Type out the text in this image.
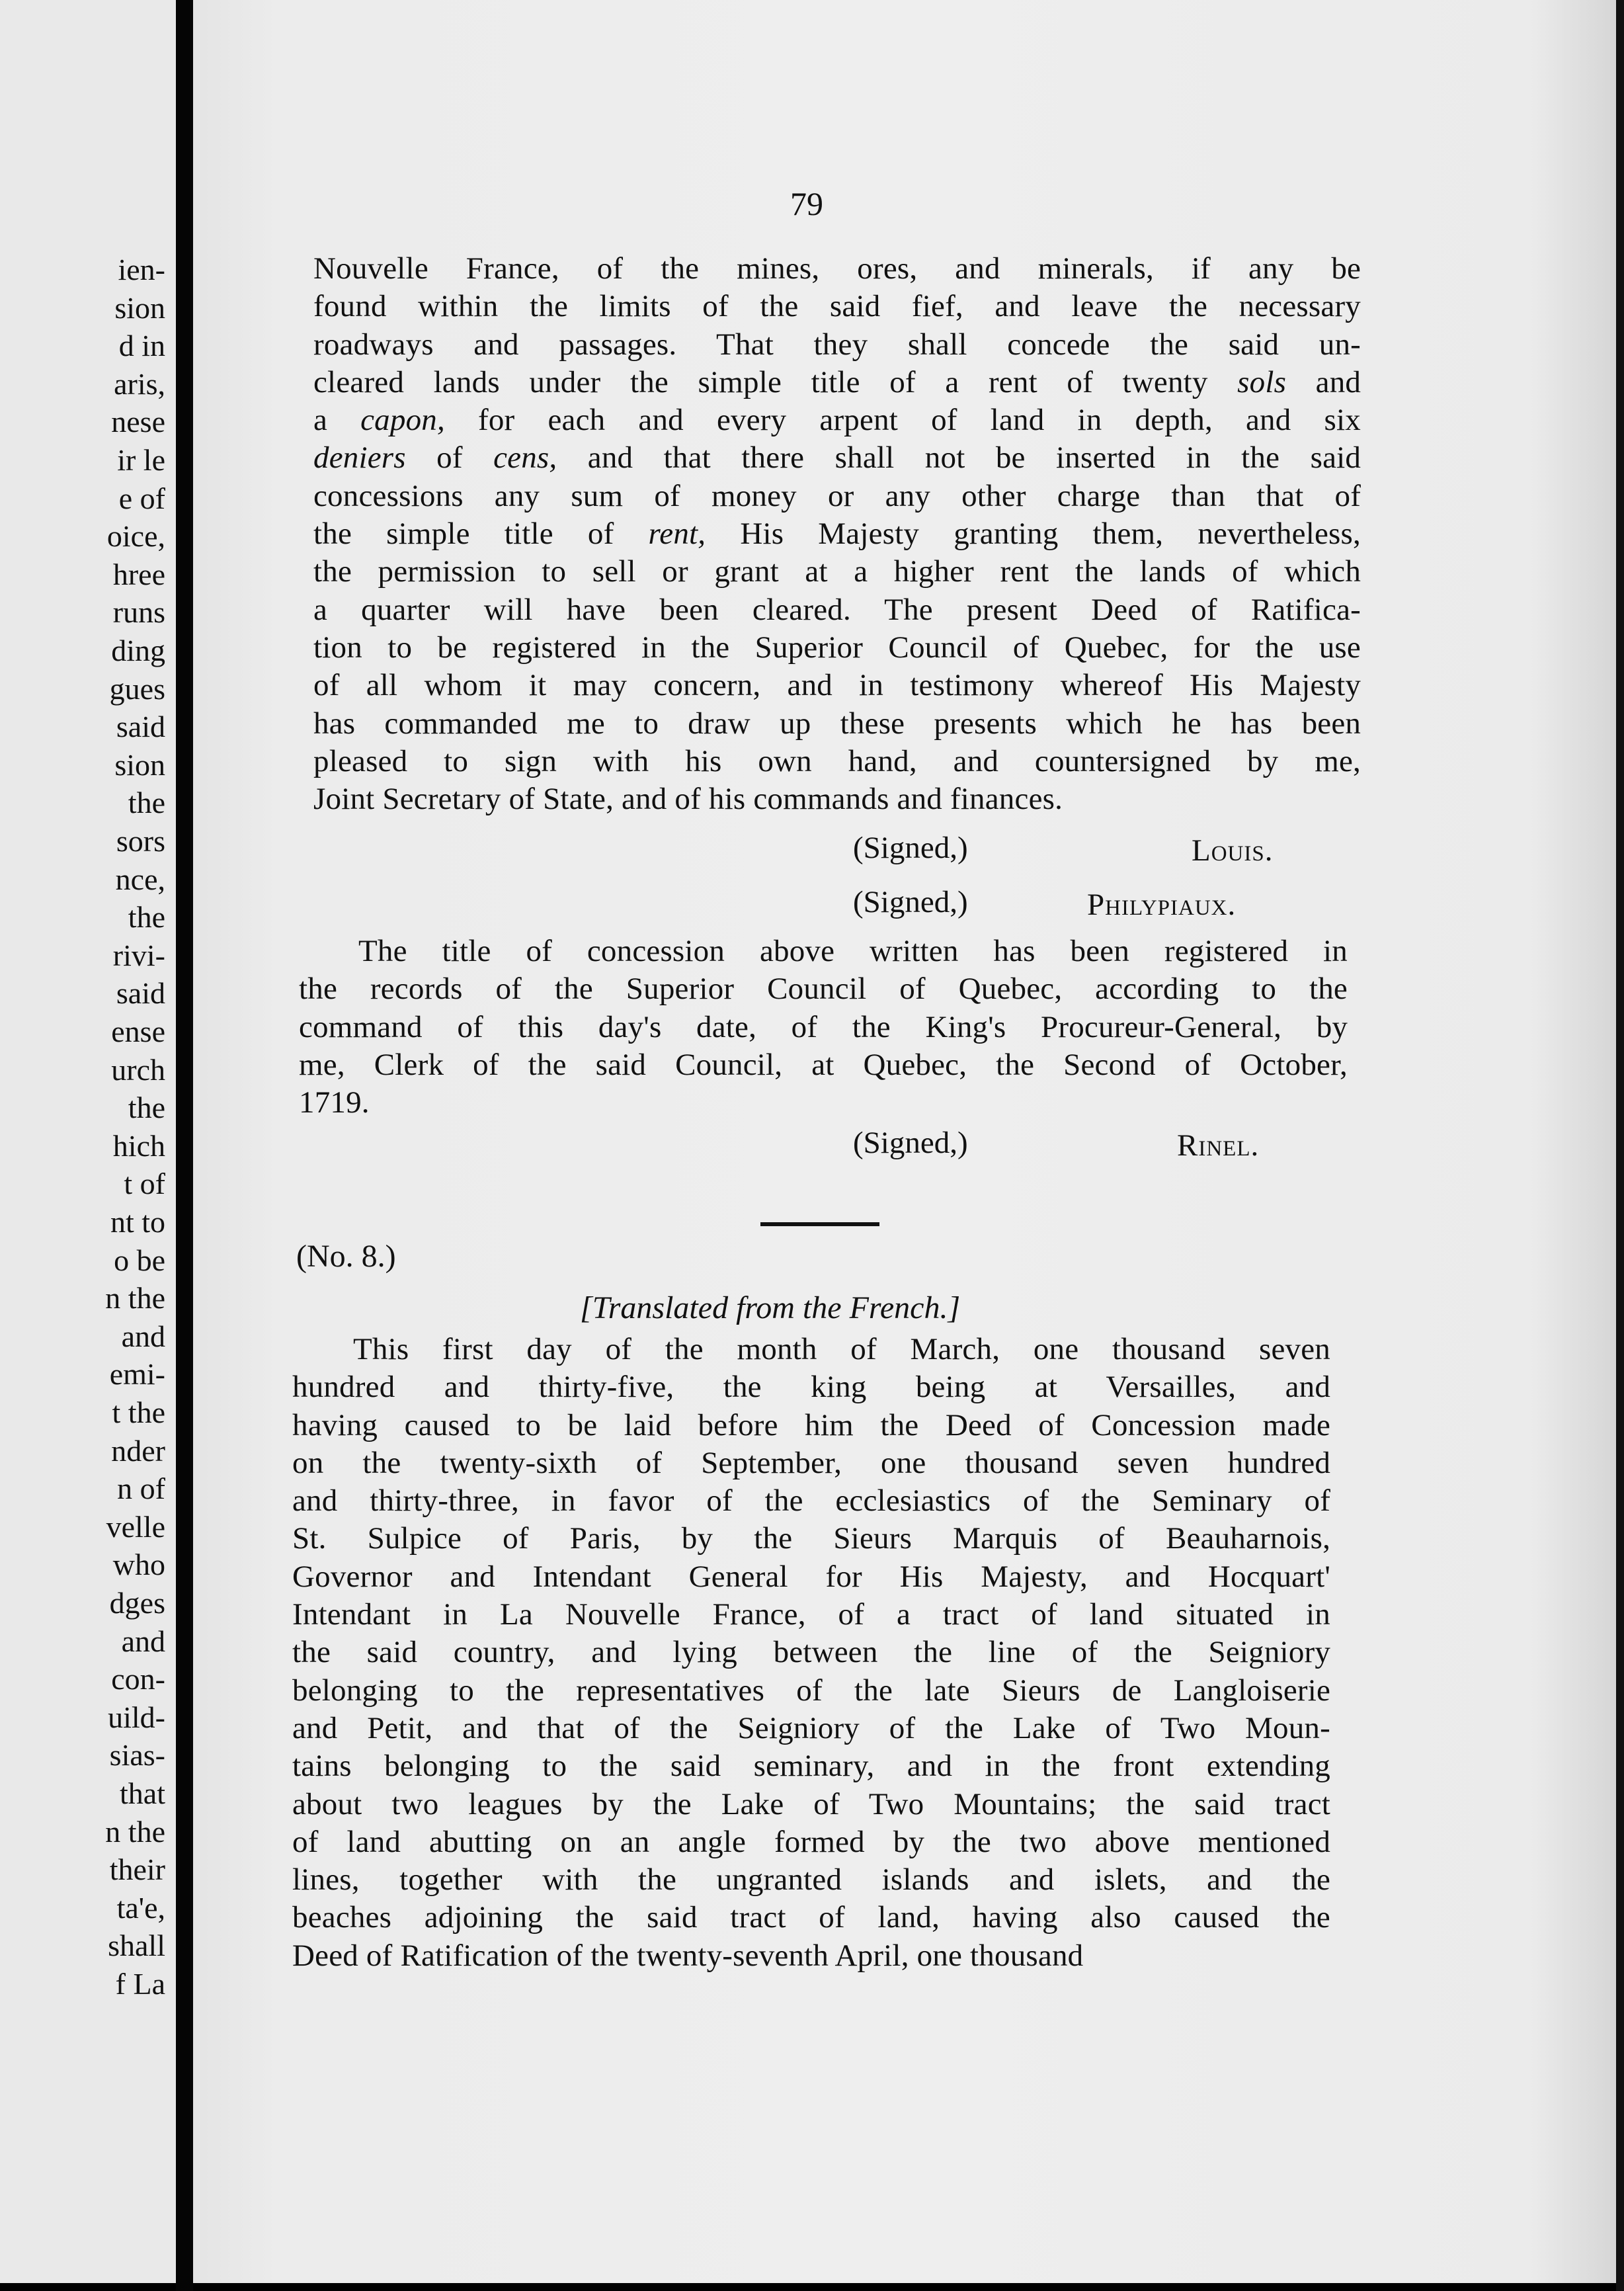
ien-
sion
d in
aris,
nese
ir le
e of
oice,
hree
runs
ding
gues
said
sion
the
sors
nce,
the
rivi-
said
ense
urch
the
hich
t of
nt to
o be
n the
and
emi-
t the
nder
n of
velle
who
dges
and
con-
uild-
sias-
that
n the
their
ta'e,
shall
f La
79
Nouvelle France, of the mines, ores, and minerals, if any be
found within the limits of the said fief, and leave the necessary
roadways and passages. That they shall concede the said un-
cleared lands under the simple title of a rent of twenty sols and
a capon, for each and every arpent of land in depth, and six
deniers of cens, and that there shall not be inserted in the said
concessions any sum of money or any other charge than that of
the simple title of rent, His Majesty granting them, nevertheless,
the permission to sell or grant at a higher rent the lands of which
a quarter will have been cleared. The present Deed of Ratifica-
tion to be registered in the Superior Council of Quebec, for the use
of all whom it may concern, and in testimony whereof His Majesty
has commanded me to draw up these presents which he has been
pleased to sign with his own hand, and countersigned by me,
Joint Secretary of State, and of his commands and finances.
(Signed,)	Louis.
(Signed,)	Philypiaux.
The title of concession above written has been registered in
the records of the Superior Council of Quebec, according to the
command of this day's date, of the King's Procureur-General, by
me, Clerk of the said Council, at Quebec, the Second of October,
1719.
(Signed,)	Rinel.
(No. 8.)
[Translated from the French.]
This first day of the month of March, one thousand seven
hundred and thirty-five, the king being at Versailles, and
having caused to be laid before him the Deed of Concession made
on the twenty-sixth of September, one thousand seven hundred
and thirty-three, in favor of the ecclesiastics of the Seminary of
St. Sulpice of Paris, by the Sieurs Marquis of Beauharnois,
Governor and Intendant General for His Majesty, and Hocquart'
Intendant in La Nouvelle France, of a tract of land situated in
the said country, and lying between the line of the Seigniory
belonging to the representatives of the late Sieurs de Langloiserie
and Petit, and that of the Seigniory of the Lake of Two Moun-
tains belonging to the said seminary, and in the front extending
about two leagues by the Lake of Two Mountains; the said tract
of land abutting on an angle formed by the two above mentioned
lines, together with the ungranted islands and islets, and the
beaches adjoining the said tract of land, having also caused the
Deed of Ratification of the twenty-seventh April, one thousand
